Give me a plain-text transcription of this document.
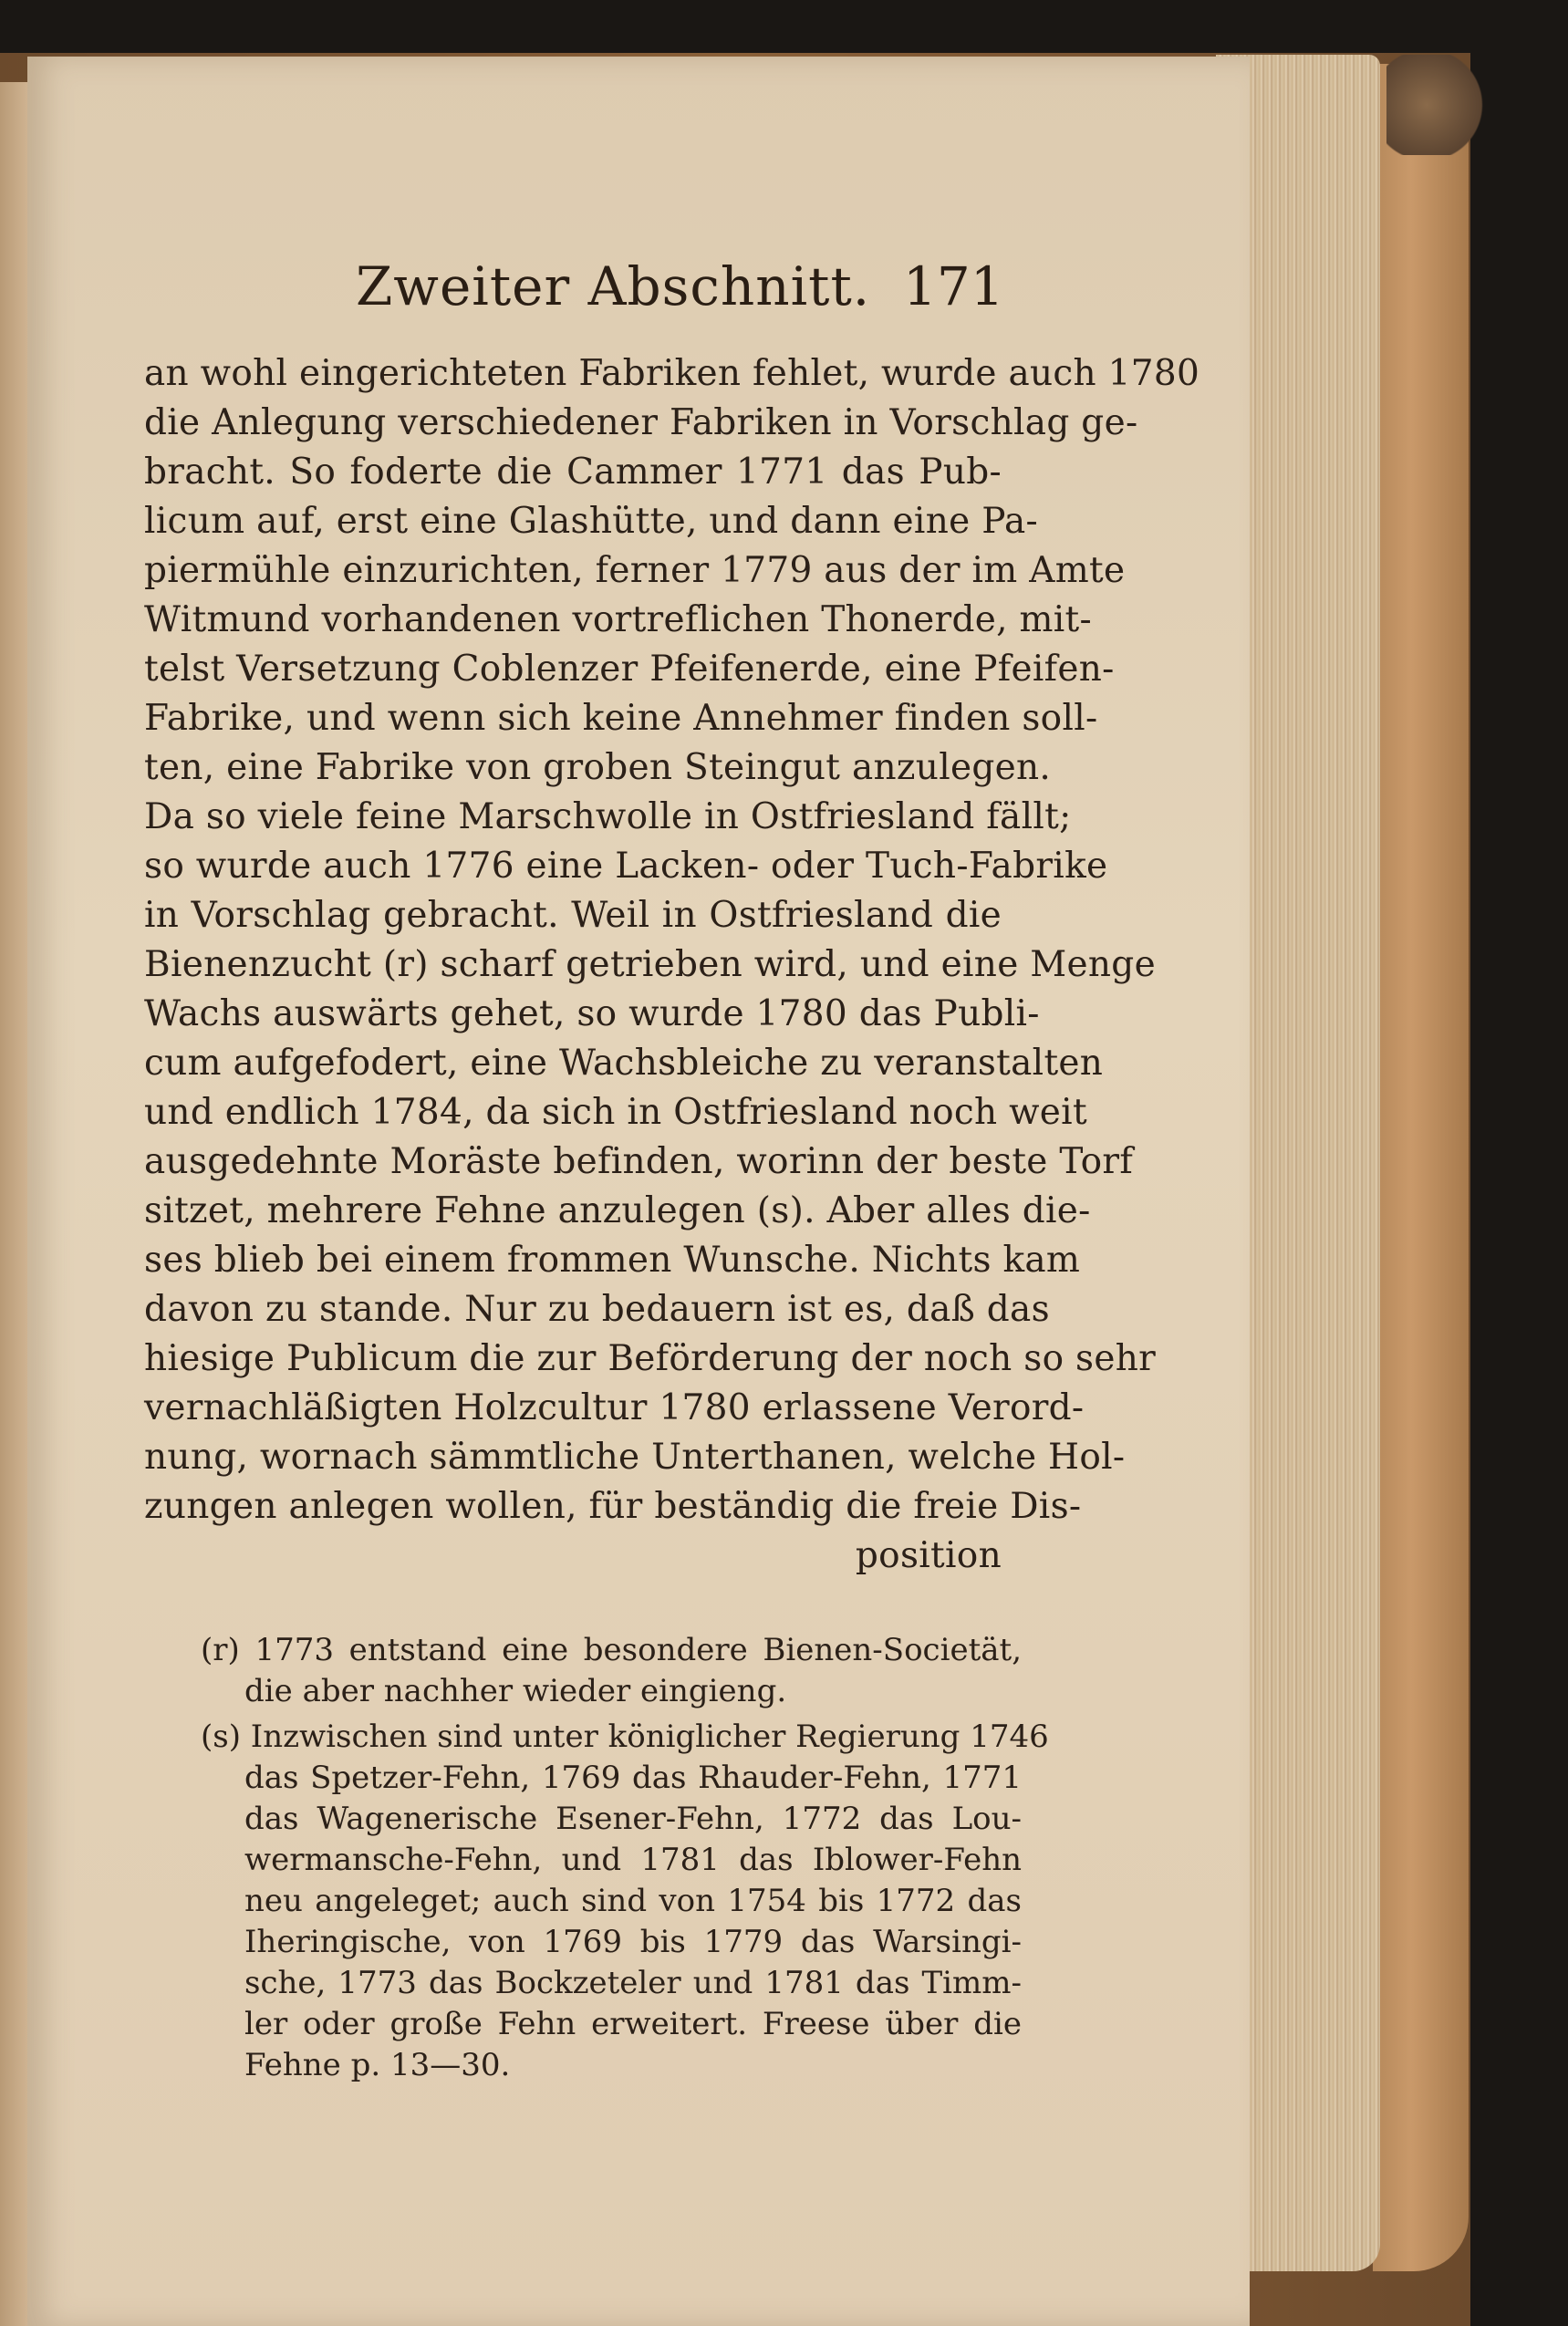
Zweiter Abschnitt. 171
an wohl eingerichteten Fabriken fehlet, wurde auch 1780
die Anlegung verschiedener Fabriken in Vorschlag ge-
bracht. So foderte die Cammer 1771 das Pub-
licum auf, erst eine Glashütte, und dann eine Pa-
piermühle einzurichten, ferner 1779 aus der im Amte
Witmund vorhandenen vortreflichen Thonerde, mit-
telst Versetzung Coblenzer Pfeifenerde, eine Pfeifen-
Fabrike, und wenn sich keine Annehmer finden soll-
ten, eine Fabrike von groben Steingut anzulegen.
Da so viele feine Marschwolle in Ostfriesland fällt;
so wurde auch 1776 eine Lacken- oder Tuch-Fabrike
in Vorschlag gebracht. Weil in Ostfriesland die
Bienenzucht (r) scharf getrieben wird, und eine Menge
Wachs auswärts gehet, so wurde 1780 das Publi-
cum aufgefodert, eine Wachsbleiche zu veranstalten
und endlich 1784, da sich in Ostfriesland noch weit
ausgedehnte Moräste befinden, worinn der beste Torf
sitzet, mehrere Fehne anzulegen (s). Aber alles die-
ses blieb bei einem frommen Wunsche. Nichts kam
davon zu stande. Nur zu bedauern ist es, daß das
hiesige Publicum die zur Beförderung der noch so sehr
vernachläßigten Holzcultur 1780 erlassene Verord-
nung, wornach sämmtliche Unterthanen, welche Hol-
zungen anlegen wollen, für beständig die freie Dis-
position
(r) 1773 entstand eine besondere Bienen-Societät,
die aber nachher wieder eingieng.
(s) Inzwischen sind unter königlicher Regierung 1746
das Spetzer-Fehn, 1769 das Rhauder-Fehn, 1771
das Wagenerische Esener-Fehn, 1772 das Lou-
wermansche-Fehn, und 1781 das Iblower-Fehn
neu angeleget; auch sind von 1754 bis 1772 das
Iheringische, von 1769 bis 1779 das Warsingi-
sche, 1773 das Bockzeteler und 1781 das Timm-
ler oder große Fehn erweitert. Freese über die
Fehne p. 13—30.
